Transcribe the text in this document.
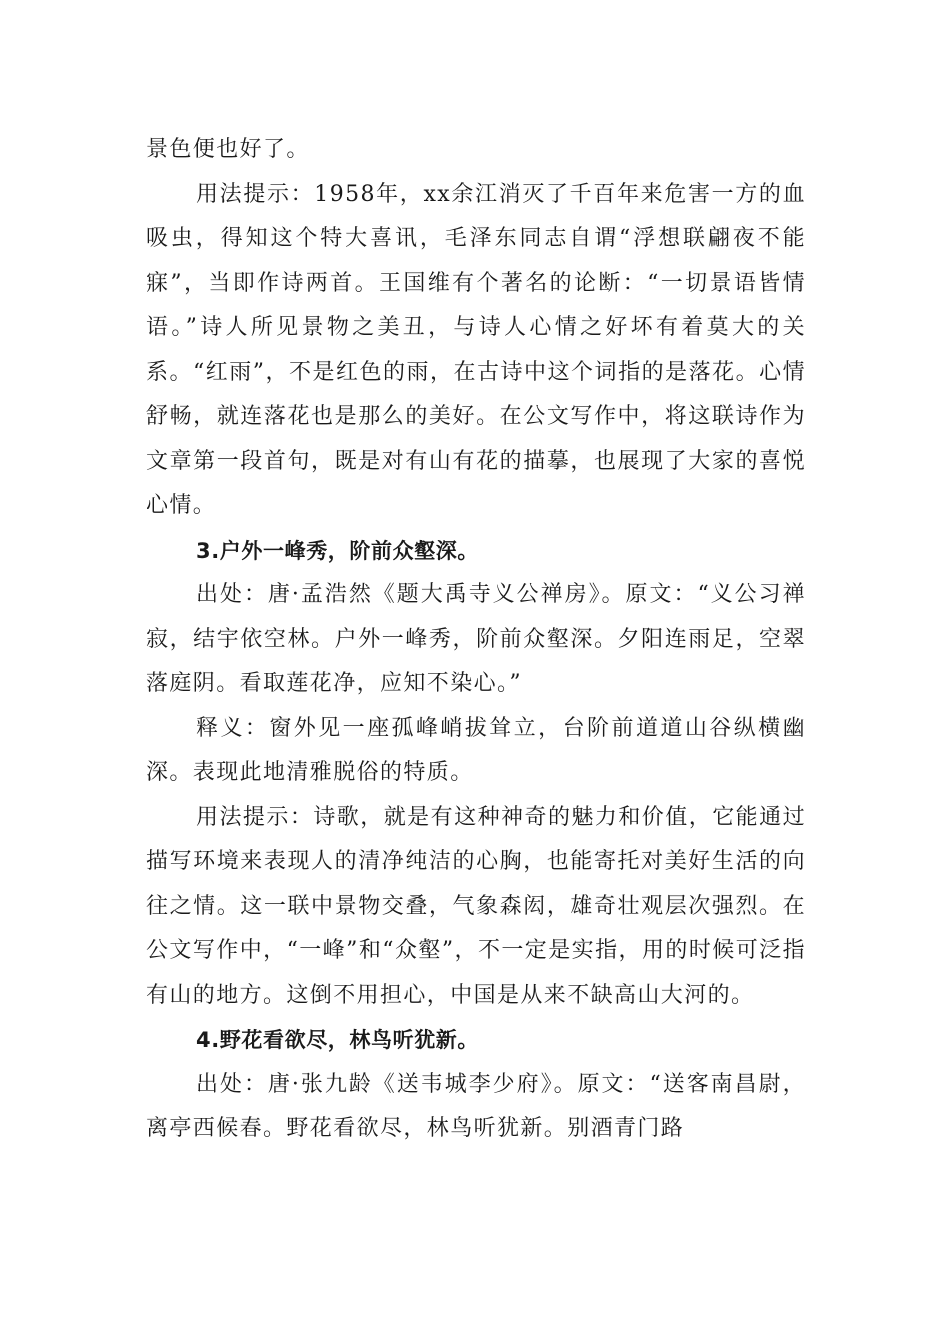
景色便也好了。

用法提示：1958年，xx余江消灭了千百年来危害一方的血吸虫，得知这个特大喜讯，毛泽东同志自谓“浮想联翩夜不能寐”，当即作诗两首。王国维有个著名的论断：“一切景语皆情语。”诗人所见景物之美丑，与诗人心情之好坏有着莫大的关系。“红雨”，不是红色的雨，在古诗中这个词指的是落花。心情舒畅，就连落花也是那么的美好。在公文写作中，将这联诗作为文章第一段首句，既是对有山有花的描摹，也展现了大家的喜悦心情。

3.户外一峰秀，阶前众壑深。

出处：唐·孟浩然《题大禹寺义公禅房》。原文：“义公习禅寂，结宇依空林。户外一峰秀，阶前众壑深。夕阳连雨足，空翠落庭阴。看取莲花净，应知不染心。”

释义：窗外见一座孤峰峭拔耸立，台阶前道道山谷纵横幽深。表现此地清雅脱俗的特质。

用法提示：诗歌，就是有这种神奇的魅力和价值，它能通过描写环境来表现人的清净纯洁的心胸，也能寄托对美好生活的向往之情。这一联中景物交叠，气象森闳，雄奇壮观层次强烈。在公文写作中，“一峰”和“众壑”，不一定是实指，用的时候可泛指有山的地方。这倒不用担心，中国是从来不缺高山大河的。

4.野花看欲尽，林鸟听犹新。

出处：唐·张九龄《送韦城李少府》。原文：“送客南昌尉，离亭西候春。野花看欲尽，林鸟听犹新。别酒青门路
